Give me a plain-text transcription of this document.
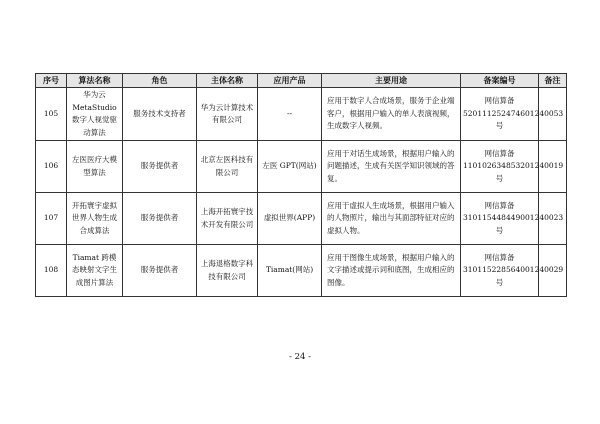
序号	算法名称	角色	主体名称	应用产品	主要用途	备案编号	备注
105	华为云MetaStudio数字人视觉驱动算法	服务技术支持者	华为云计算技术有限公司	--	应用于数字人合成场景，服务于企业端客户，根据用户输入的单人表演视频，生成数字人视频。	网信算备520111252474601240053号	
106	左医医疗大模型算法	服务提供者	北京左医科技有限公司	左医 GPT(网站)	应用于对话生成场景，根据用户输入的问题描述，生成有关医学知识领域的答复。	网信算备110102634853201240019号	
107	开拓寰宇虚拟世界人物生成合成算法	服务提供者	上海开拓寰宇技术开发有限公司	虚拟世界(APP)	应用于虚拟人生成场景，根据用户输入的人物照片，输出与其面部特征对应的虚拟人物。	网信算备310115448449001240023号	
108	Tiamat 跨模态映射文字生成图片算法	服务提供者	上海退格数字科技有限公司	Tiamat(网站)	应用于图像生成场景，根据用户输入的文字描述或提示词和底图，生成相应的图像。	网信算备310115228564001240029号	
- 24 -
